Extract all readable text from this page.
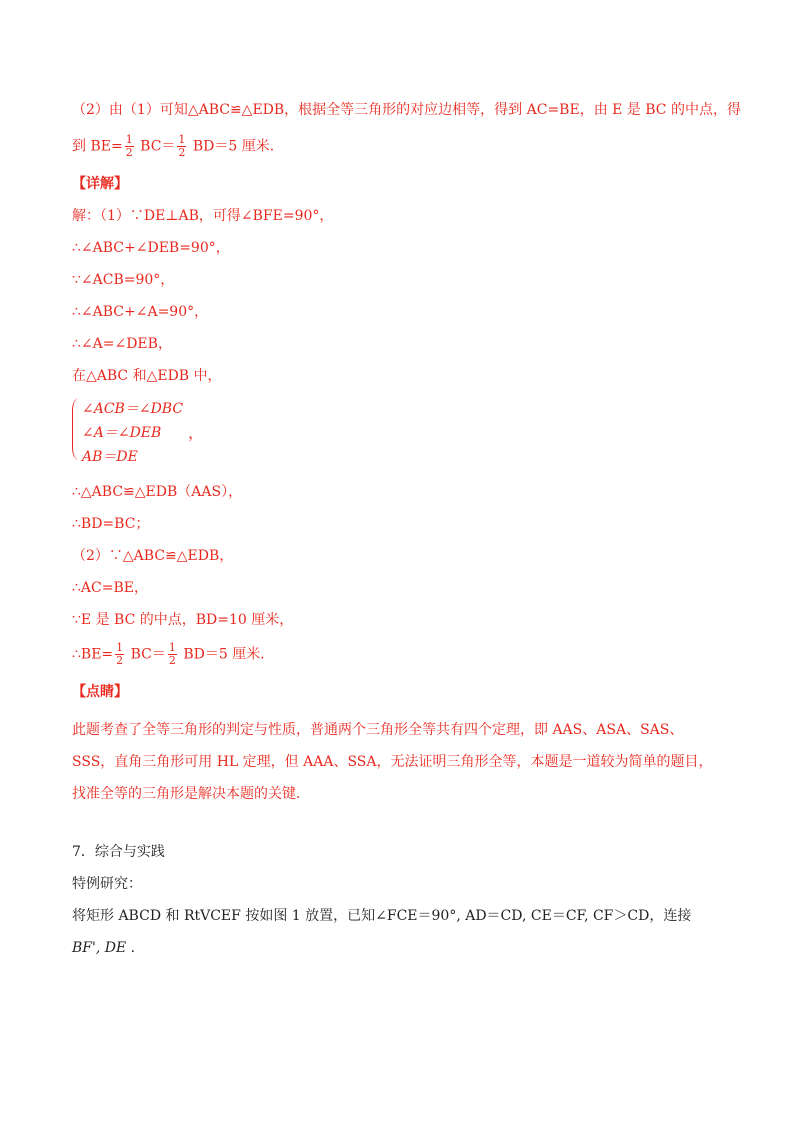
（2）由（1）可知△ABC≌△EDB，根据全等三角形的对应边相等，得到 AC=BE，由 E 是 BC 的中点，得
到 $BE= \frac{1}{2} BC= \frac{1}{2} BD=5$ 厘米．
【详解】
解：（1）∵DE⊥AB，可得∠BFE=90°，
∴∠ABC+∠DEB=90°，
∵∠ACB=90°，
∴∠ABC+∠A=90°，
∴∠A=∠DEB，
在△ABC 和△EDB 中，
∠ACB＝∠DBC
∠A＝∠DEB
AB＝DE
，
∴△ABC≌△EDB（AAS），
∴BD=BC；
（2）∵△ABC≌△EDB，
∴AC=BE，
∵E 是 BC 的中点，BD=10 厘米，
∴BE= $\frac{1}{2} BC= \frac{1}{2} BD=5$ 厘米．
【点睛】
此题考查了全等三角形的判定与性质，普通两个三角形全等共有四个定理，即 AAS、ASA、SAS、SSS，直角三角形可用 HL 定理，但 AAA、SSA，无法证明三角形全等，本题是一道较为简单的题目，找准全等的三角形是解决本题的关键．
7．综合与实践
特例研究：
将矩形 ABCD 和 RtVCEF 按如图 1 放置，已知∠FCE＝90°, AD＝CD, CE＝CF, CF＞CD，连接
BF', DE .
